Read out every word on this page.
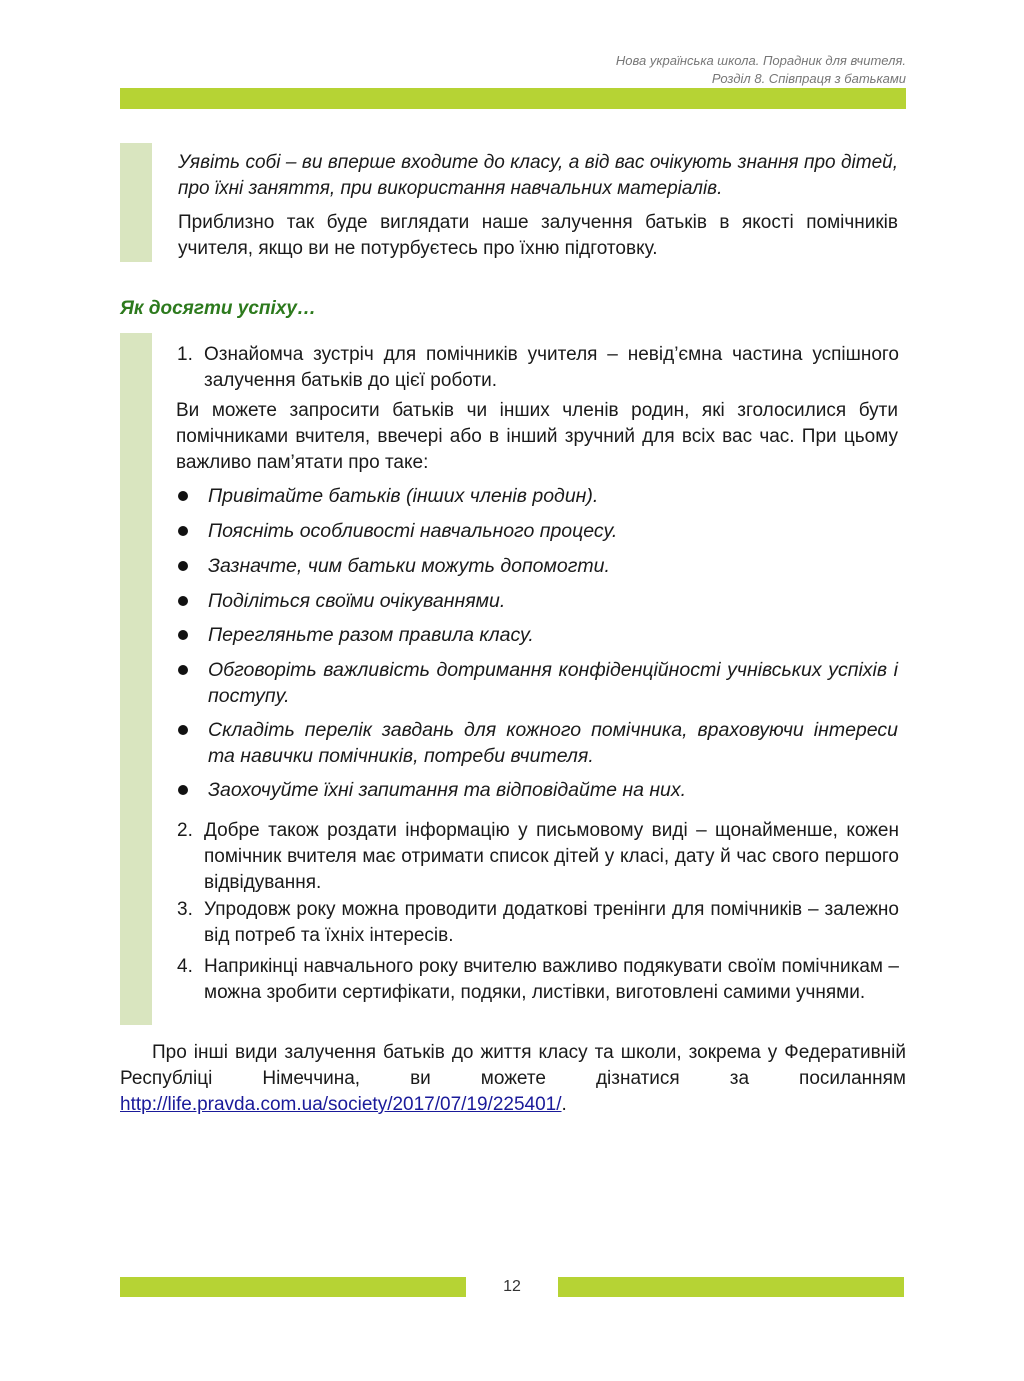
Нова українська школа. Порадник для вчителя.
Розділ 8. Співпраця з батьками

Уявіть собі – ви вперше входите до класу, а від вас очікують знання про дітей, про їхні заняття, при використання навчальних матеріалів.

Приблизно так буде виглядати наше залучення батьків в якості помічників учителя, якщо ви не потурбуєтесь про їхню підготовку.

Як досягти успіху…
1. Ознайомча зустріч для помічників учителя – невід’ємна частина успішного залучення батьків до цієї роботи.

Ви можете запросити батьків чи інших членів родин, які зголосилися бути помічниками вчителя, ввечері або в інший зручний для всіх вас час. При цьому важливо пам’ятати про таке:

Привітайте батьків (інших членів родин).

Поясніть особливості навчального процесу.

Зазначте, чим батьки можуть допомогти.

Поділіться своїми очікуваннями.

Перегляньте разом правила класу.

Обговоріть важливість дотримання конфіденційності учнівських успіхів і поступу.

Складіть перелік завдань для кожного помічника, враховуючи інтереси та навички помічників, потреби вчителя.

Заохочуйте їхні запитання та відповідайте на них.

2. Добре також роздати інформацію у письмовому виді – щонайменше, кожен помічник вчителя має отримати список дітей у класі, дату й час свого першого відвідування.

3. Упродовж року можна проводити додаткові тренінги для помічників – залежно від потреб та їхніх інтересів.

4. Наприкінці навчального року вчителю важливо подякувати своїм помічникам – можна зробити сертифікати, подяки, листівки, виготовлені самими учнями.

Про інші види залучення батьків до життя класу та школи, зокрема у Федеративній Республіці Німеччина, ви можете дізнатися за посиланням http://life.pravda.com.ua/society/2017/07/19/225401/.

12
